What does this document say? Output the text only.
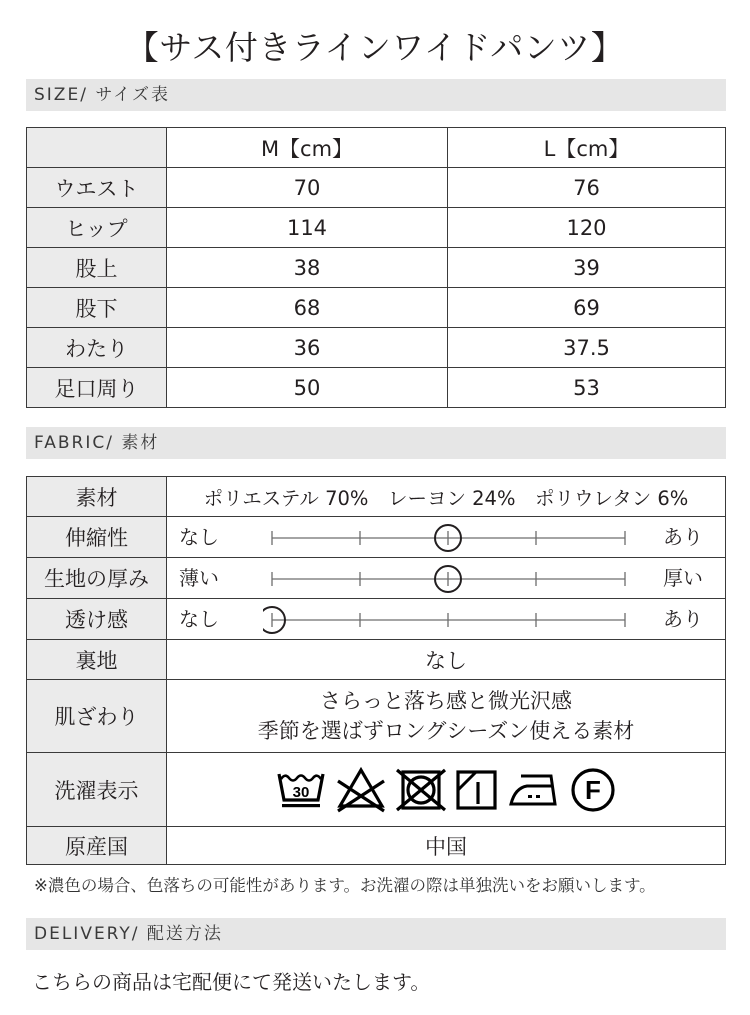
【サス付きラインワイドパンツ】
SIZE/ サイズ表
	M【cm】	L【cm】
ウエスト	70	76
ヒップ	114	120
股上	38	39
股下	68	69
わたり	36	37.5
足口周り	50	53
FABRIC/ 素材
素材	ポリエステル 70%　レーヨン 24%　ポリウレタン 6%
伸縮性	なし あり

生地の厚み	薄い 厚い

透け感	なし あり

裏地	なし
肌ざわり	さらっと落ち感と微光沢感
季節を選ばずロングシーズン使える素材

洗濯表示	30 F

原産国	中国
※濃色の場合、色落ちの可能性があります。お洗濯の際は単独洗いをお願いします。
DELIVERY/ 配送方法
こちらの商品は宅配便にて発送いたします。
